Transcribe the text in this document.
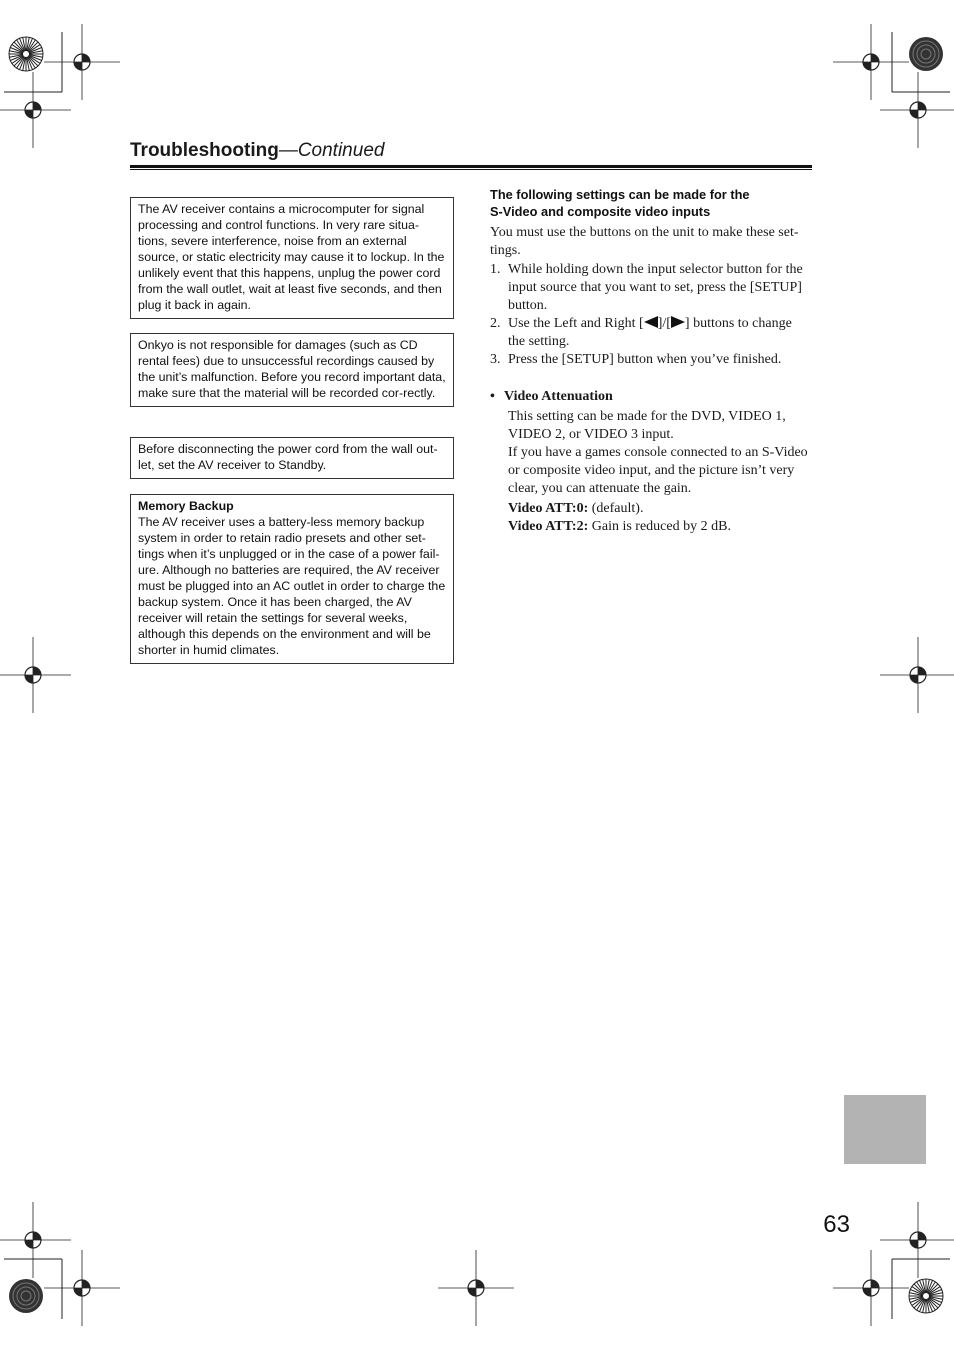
Troubleshooting—Continued
The AV receiver contains a microcomputer for signal processing and control functions. In very rare situa-tions, severe interference, noise from an external source, or static electricity may cause it to lockup. In the unlikely event that this happens, unplug the power cord from the wall outlet, wait at least five seconds, and then plug it back in again.
Onkyo is not responsible for damages (such as CD rental fees) due to unsuccessful recordings caused by the unit’s malfunction. Before you record important data, make sure that the material will be recorded cor-rectly.
Before disconnecting the power cord from the wall out-let, set the AV receiver to Standby.
Memory Backup
The AV receiver uses a battery-less memory backup system in order to retain radio presets and other set-tings when it’s unplugged or in the case of a power fail-ure. Although no batteries are required, the AV receiver must be plugged into an AC outlet in order to charge the backup system. Once it has been charged, the AV receiver will retain the settings for several weeks, although this depends on the environment and will be shorter in humid climates.
The following settings can be made for the
S-Video and composite video inputs
You must use the buttons on the unit to make these set-tings.
1. While holding down the input selector button for the input source that you want to set, press the [SETUP] button.
2. Use the Left and Right [ ]/[ ] buttons to change the setting.
3. Press the [SETUP] button when you’ve finished.
• Video Attenuation
This setting can be made for the DVD, VIDEO 1, VIDEO 2, or VIDEO 3 input.
If you have a games console connected to an S-Video or composite video input, and the picture isn’t very clear, you can attenuate the gain.
Video ATT:0: (default).
Video ATT:2: Gain is reduced by 2 dB.
63
